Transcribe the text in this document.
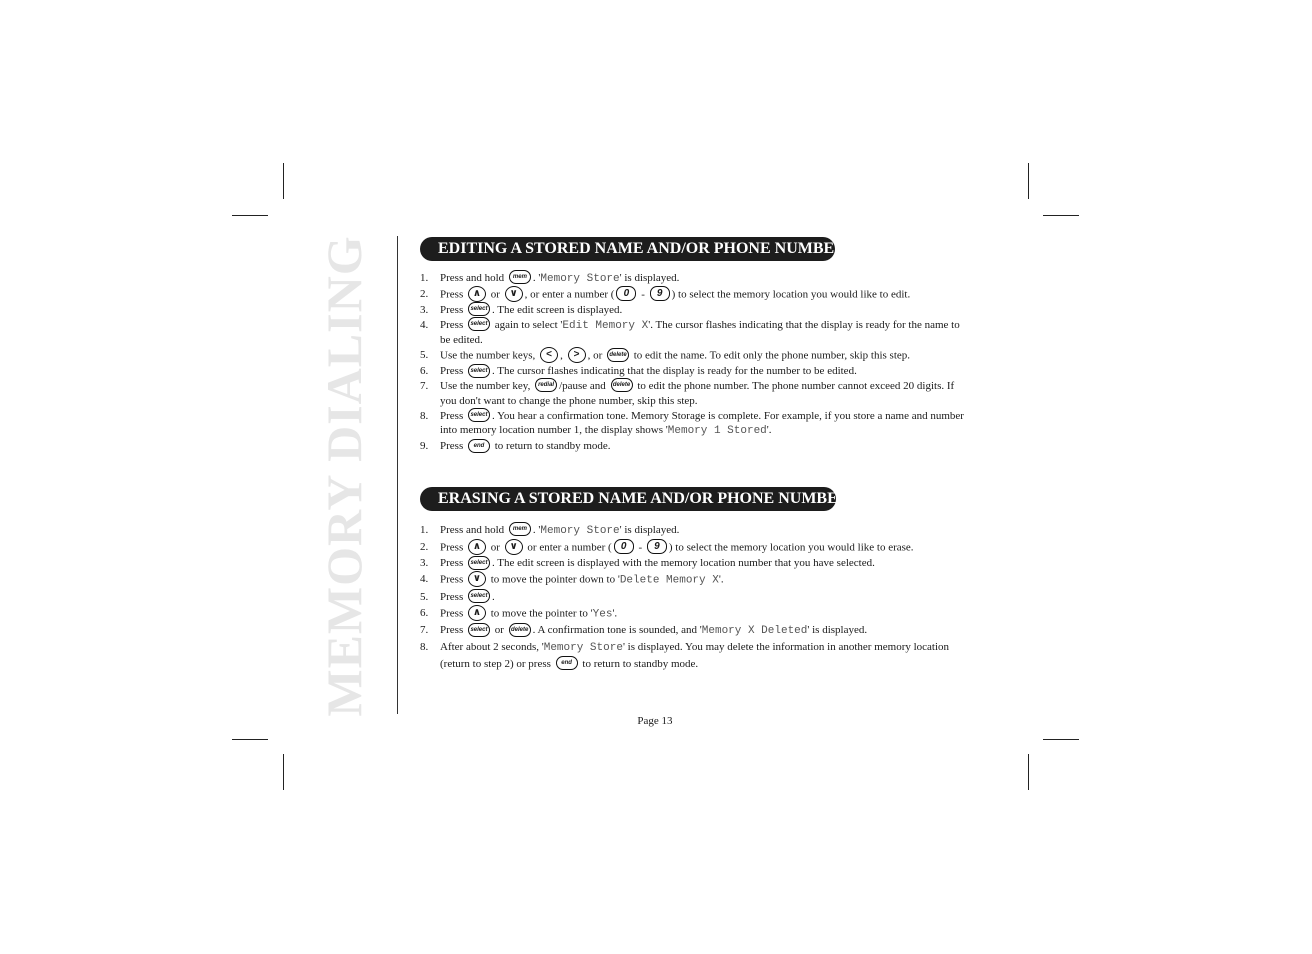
MEMORY DIALING	EDITING A STORED NAME AND/OR PHONE NUMBER
1. Press and hold mem . 'Memory Store' is displayed.
2. Press ∧ or ∨ , or enter a number ( 0 - 9 ) to select the memory location you would like to edit.
3. Press select . The edit screen is displayed.
4. Press select again to select 'Edit Memory X'. The cursor flashes indicating that the display is ready for the name to be edited.
5. Use the number keys, < , > , or delete to edit the name. To edit only the phone number, skip this step.
6. Press select . The cursor flashes indicating that the display is ready for the number to be edited.
7. Use the number key, redial /pause and delete to edit the phone number. The phone number cannot exceed 20 digits. If you don't want to change the phone number, skip this step.
8. Press select . You hear a confirmation tone. Memory Storage is complete. For example, if you store a name and number into memory location number 1, the display shows 'Memory 1 Stored'.
9. Press end to return to standby mode.
ERASING A STORED NAME AND/OR PHONE NUMBER
1. Press and hold mem . 'Memory Store' is displayed.
2. Press ∧ or ∨ or enter a number ( 0 - 9 ) to select the memory location you would like to erase.
3. Press select . The edit screen is displayed with the memory location number that you have selected.
4. Press ∨ to move the pointer down to 'Delete Memory X'.
5. Press select .
6. Press ∧ to move the pointer to 'Yes'.
7. Press select or delete . A confirmation tone is sounded, and 'Memory X Deleted' is displayed.
8. After about 2 seconds, 'Memory Store' is displayed. You may delete the information in another memory location (return to step 2) or press end to return to standby mode.
Page 13
